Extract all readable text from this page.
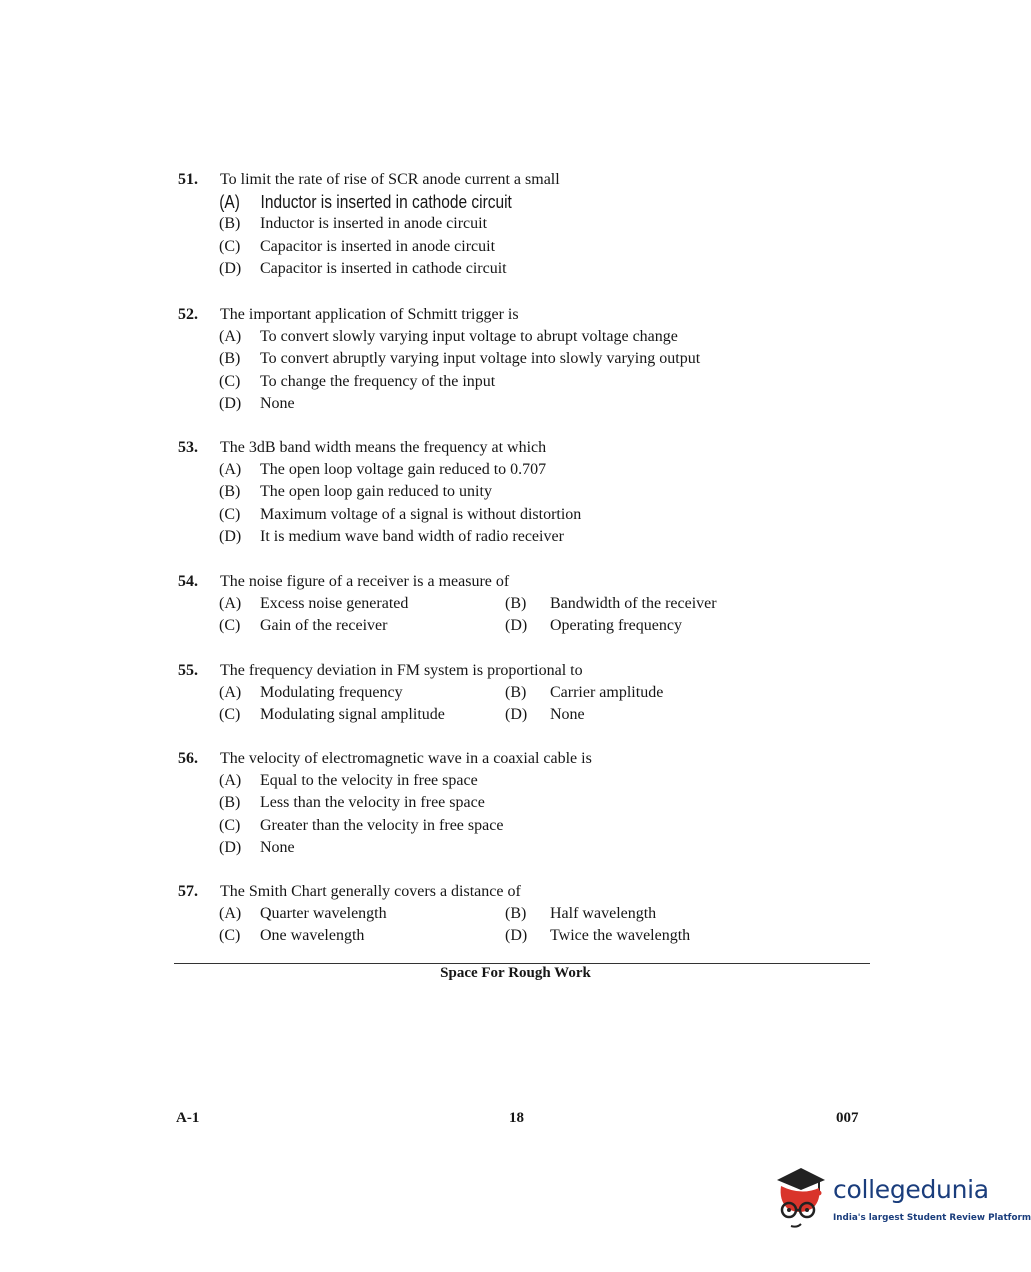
51. To limit the rate of rise of SCR anode current a small
(A) Inductor is inserted in cathode circuit
(B) Inductor is inserted in anode circuit
(C) Capacitor is inserted in anode circuit
(D) Capacitor is inserted in cathode circuit
52. The important application of Schmitt trigger is
(A) To convert slowly varying input voltage to abrupt voltage change
(B) To convert abruptly varying input voltage into slowly varying output
(C) To change the frequency of the input
(D) None
53. The 3dB band width means the frequency at which
(A) The open loop voltage gain reduced to 0.707
(B) The open loop gain reduced to unity
(C) Maximum voltage of a signal is without distortion
(D) It is medium wave band width of radio receiver
54. The noise figure of a receiver is a measure of
(A) Excess noise generated	(B) Bandwidth of the receiver
(C) Gain of the receiver	(D) Operating frequency
55. The frequency deviation in FM system is proportional to
(A) Modulating frequency	(B) Carrier amplitude
(C) Modulating signal amplitude	(D) None
56. The velocity of electromagnetic wave in a coaxial cable is
(A) Equal to the velocity in free space
(B) Less than the velocity in free space
(C) Greater than the velocity in free space
(D) None
57. The Smith Chart generally covers a distance of
(A) Quarter wavelength	(B) Half wavelength
(C) One wavelength	(D) Twice the wavelength
Space For Rough Work
A-1	18	007
collegedunia
India's largest Student Review Platform
